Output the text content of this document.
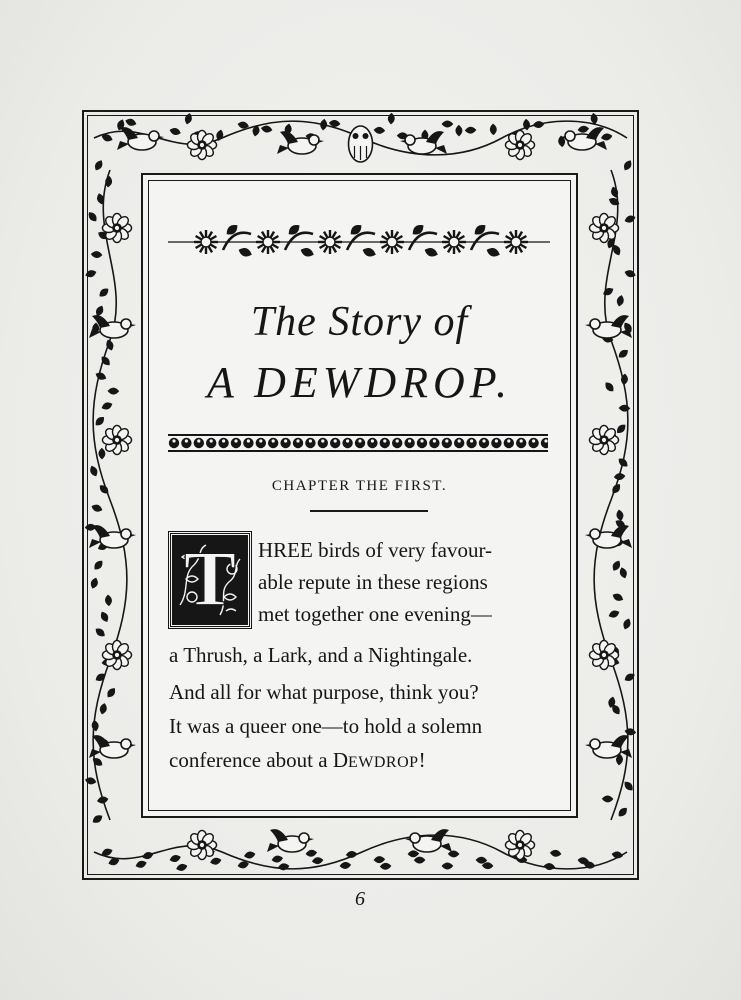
The Story of
A DEWDROP.
CHAPTER THE FIRST.
T HREE birds of very favour-
able repute in these regions
met together one evening—
a Thrush, a Lark, and a Nightingale.
And all for what purpose, think you?
It was a queer one—to hold a solemn
conference about a DEWDROP!
6
